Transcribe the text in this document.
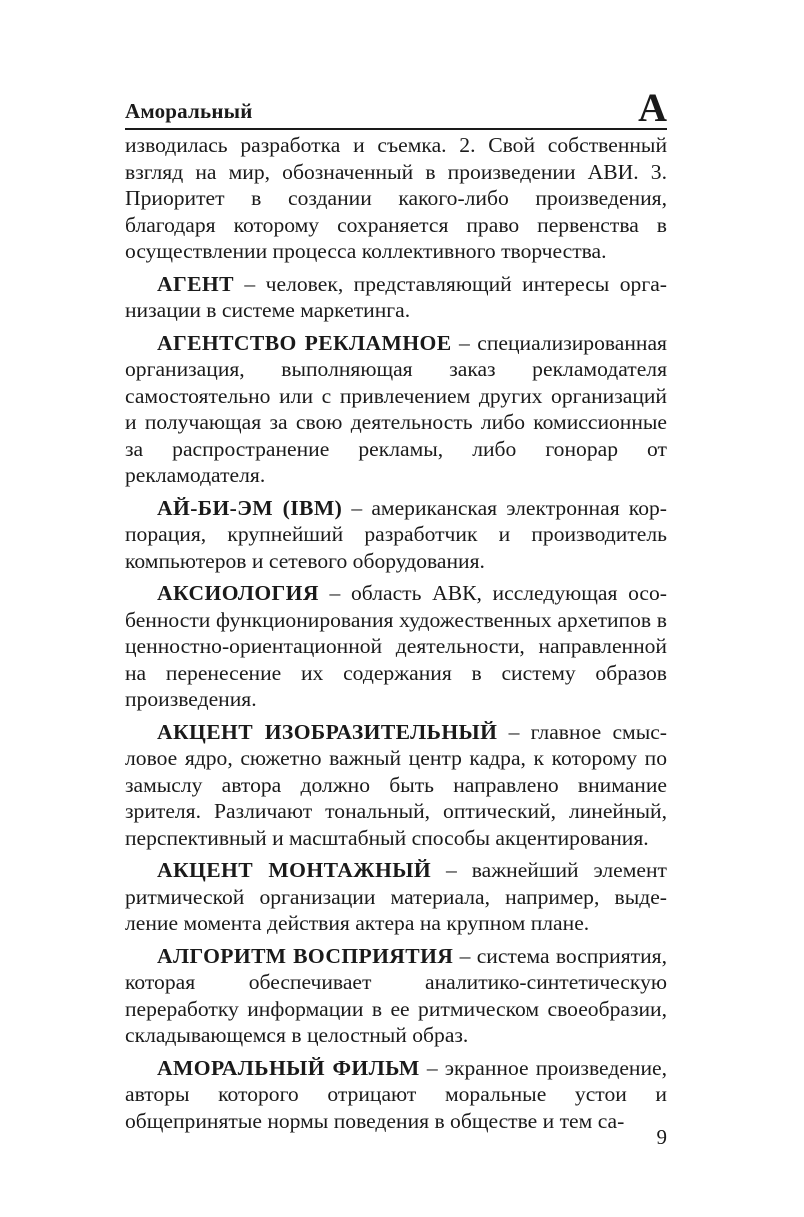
Аморальный	А

изводилась разработка и съемка. 2. Свой собственный взгляд на мир, обозначенный в произведении АВИ. 3. Приоритет в создании какого-либо произведения, благодаря которому сохраняется право первенства в осуществлении процесса коллективного творчества.

АГЕНТ – человек, представляющий интересы организации в системе маркетинга.

АГЕНТСТВО РЕКЛАМНОЕ – специализированная организация, выполняющая заказ рекламодателя самостоятельно или с привлечением других организаций и получающая за свою деятельность либо комиссионные за распространение рекламы, либо гонорар от рекламодателя.

АЙ-БИ-ЭМ (IBM) – американская электронная корпорация, крупнейший разработчик и производитель компьютеров и сетевого оборудования.

АКСИОЛОГИЯ – область АВК, исследующая особенности функционирования художественных архетипов в ценностно-ориентационной деятельности, направленной на перенесение их содержания в систему образов произведения.

АКЦЕНТ ИЗОБРАЗИТЕЛЬНЫЙ – главное смысловое ядро, сюжетно важный центр кадра, к которому по замыслу автора должно быть направлено внимание зрителя. Различают тональный, оптический, линейный, перспективный и масштабный способы акцентирования.

АКЦЕНТ МОНТАЖНЫЙ – важнейший элемент ритмической организации материала, например, выделение момента действия актера на крупном плане.

АЛГОРИТМ ВОСПРИЯТИЯ – система восприятия, которая обеспечивает аналитико-синтетическую переработку информации в ее ритмическом своеобразии, складывающемся в целостный образ.

АМОРАЛЬНЫЙ ФИЛЬМ – экранное произведение, авторы которого отрицают моральные устои и общепринятые нормы поведения в обществе и тем са-

9
